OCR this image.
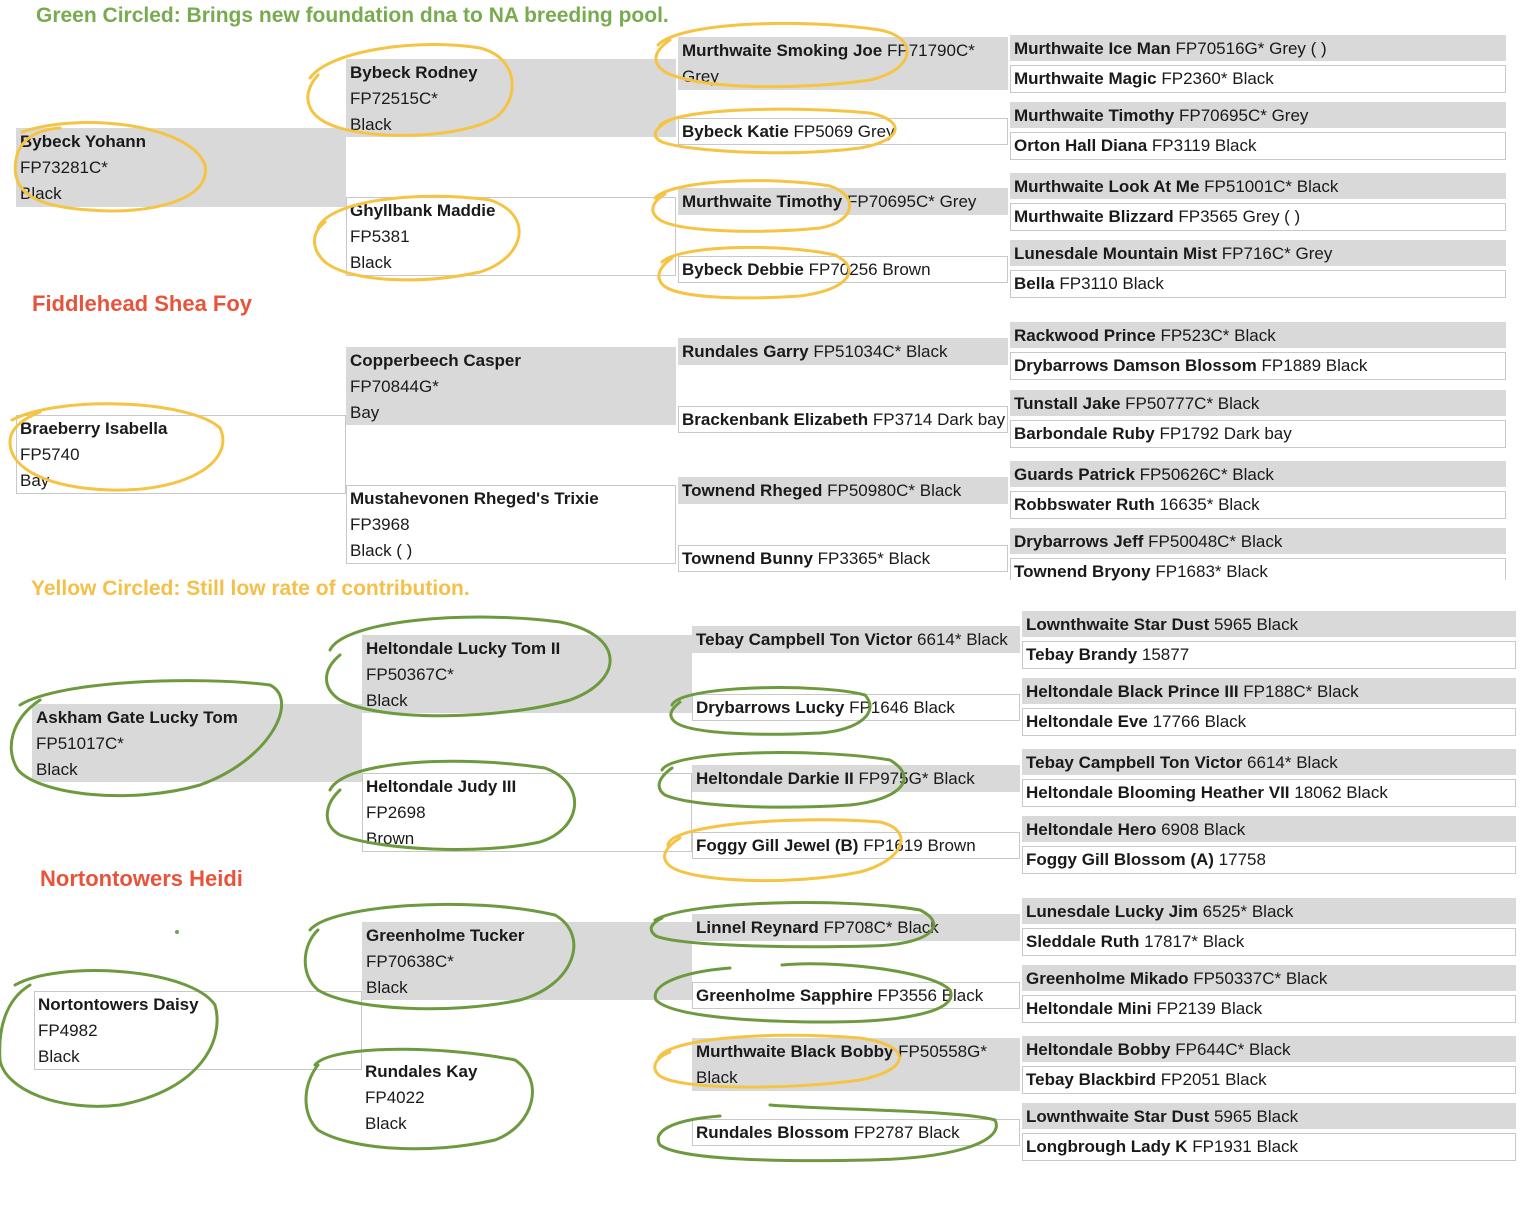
Green Circled: Brings new foundation dna to NA breeding pool.
Fiddlehead Shea Foy
Yellow Circled: Still low rate of contribution.
Nortontowers Heidi
Bybeck Yohann
FP73281C*
Black
Braeberry Isabella
FP5740
Bay
Bybeck Rodney
FP72515C*
Black
Ghyllbank Maddie
FP5381
Black
Copperbeech Casper
FP70844G*
Bay
Mustahevonen Rheged's Trixie
FP3968
Black ( )
Murthwaite Smoking Joe FP71790C*
Grey
Bybeck Katie FP5069 Grey
Murthwaite Timothy FP70695C* Grey
Bybeck Debbie FP70256 Brown
Rundales Garry FP51034C* Black
Brackenbank Elizabeth FP3714 Dark bay
Townend Rheged FP50980C* Black
Townend Bunny FP3365* Black
Murthwaite Ice Man FP70516G* Grey ( )
Murthwaite Magic FP2360* Black
Murthwaite Timothy FP70695C* Grey
Orton Hall Diana FP3119 Black
Murthwaite Look At Me FP51001C* Black
Murthwaite Blizzard FP3565 Grey ( )
Lunesdale Mountain Mist FP716C* Grey
Bella FP3110 Black
Rackwood Prince FP523C* Black
Drybarrows Damson Blossom FP1889 Black
Tunstall Jake FP50777C* Black
Barbondale Ruby FP1792 Dark bay
Guards Patrick FP50626C* Black
Robbswater Ruth 16635* Black
Drybarrows Jeff FP50048C* Black
Townend Bryony FP1683* Black
Askham Gate Lucky Tom
FP51017C*
Black
Nortontowers Daisy
FP4982
Black
Heltondale Lucky Tom II
FP50367C*
Black
Heltondale Judy III
FP2698
Brown
Greenholme Tucker
FP70638C*
Black
Rundales Kay
FP4022
Black
Tebay Campbell Ton Victor 6614* Black
Drybarrows Lucky FP1646 Black
Heltondale Darkie II FP975G* Black
Foggy Gill Jewel (B) FP1619 Brown
Linnel Reynard FP708C* Black
Greenholme Sapphire FP3556 Black
Murthwaite Black Bobby FP50558G*
Black
Rundales Blossom FP2787 Black
Lownthwaite Star Dust 5965 Black
Tebay Brandy 15877
Heltondale Black Prince III FP188C* Black
Heltondale Eve 17766 Black
Tebay Campbell Ton Victor 6614* Black
Heltondale Blooming Heather VII 18062 Black
Heltondale Hero 6908 Black
Foggy Gill Blossom (A) 17758
Lunesdale Lucky Jim 6525* Black
Sleddale Ruth 17817* Black
Greenholme Mikado FP50337C* Black
Heltondale Mini FP2139 Black
Heltondale Bobby FP644C* Black
Tebay Blackbird FP2051 Black
Lownthwaite Star Dust 5965 Black
Longbrough Lady K FP1931 Black
